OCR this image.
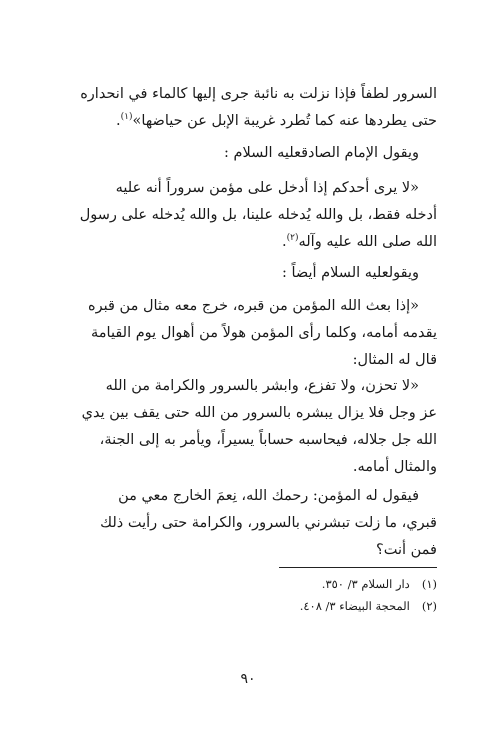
السرور لطفاً فإذا نزلت به نائبة جرى إليها كالماء في انحداره
حتى يطردها عنه كما تُطرد غريبة الإبل عن حياضها»$^{(١)}$.
ويقول الإمام الصادقعليه السلام :
«لا يرى أحدكم إذا أدخل على مؤمن سروراً أنه عليه
أدخله فقط، بل والله يُدخله علينا، بل والله يُدخله على رسول
الله صلى الله عليه وآله$^{(٢)}$.
ويقولعليه السلام أيضاً :
«إذا بعث الله المؤمن من قبره، خرج معه مثال من قبره
يقدمه أمامه، وكلما رأى المؤمن هولاً من أهوال يوم القيامة
قال له المثال:
«لا تحزن، ولا تفزع، وابشر بالسرور والكرامة من الله
عز وجل فلا يزال يبشره بالسرور من الله حتى يقف بين يدي
الله جل جلاله، فيحاسبه حساباً يسيراً، ويأمر به إلى الجنة،
والمثال أمامه.
فيقول له المؤمن: رحمك الله، نِعمَ الخارج معي من
قبري، ما زلت تبشرني بالسرور، والكرامة حتى رأيت ذلك
فمن أنت؟
(١)دار السلام ٣/ ٣٥٠.
(٢)المحجة البيضاء ٣/ ٤٠٨.
٩٠
